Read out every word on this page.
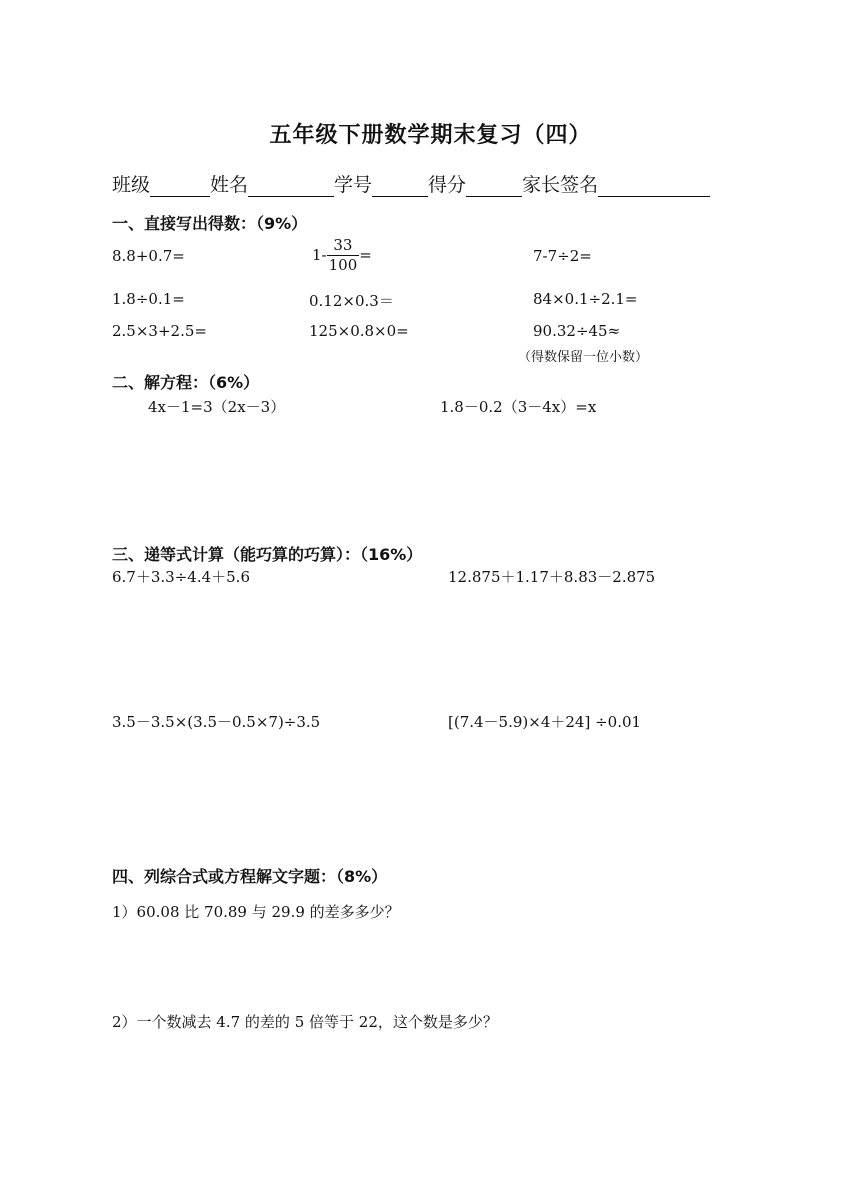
五年级下册数学期末复习（四）
班级	姓名	学号	得分	家长签名
一、直接写出得数：（9%）
8.8+0.7=	$1- \frac{33}{100}$ =	7-7÷2=
1.8÷0.1=	0.12×0.3＝	84×0.1÷2.1=
2.5×3+2.5=	125×0.8×0=	90.32÷45≈
（得数保留一位小数）
二、解方程：（6%）
4x－1=3（2x－3）	1.8－0.2（3－4x）=x
三、递等式计算（能巧算的巧算）：（16%）
6.7＋3.3÷4.4＋5.6	12.875＋1.17＋8.83－2.875
3.5－3.5×(3.5－0.5×7)÷3.5	[(7.4－5.9)×4＋24] ÷0.01
四、列综合式或方程解文字题：（8%）
1）60.08 比 70.89 与 29.9 的差多多少？
2）一个数减去 4.7 的差的 5 倍等于 22，这个数是多少？
